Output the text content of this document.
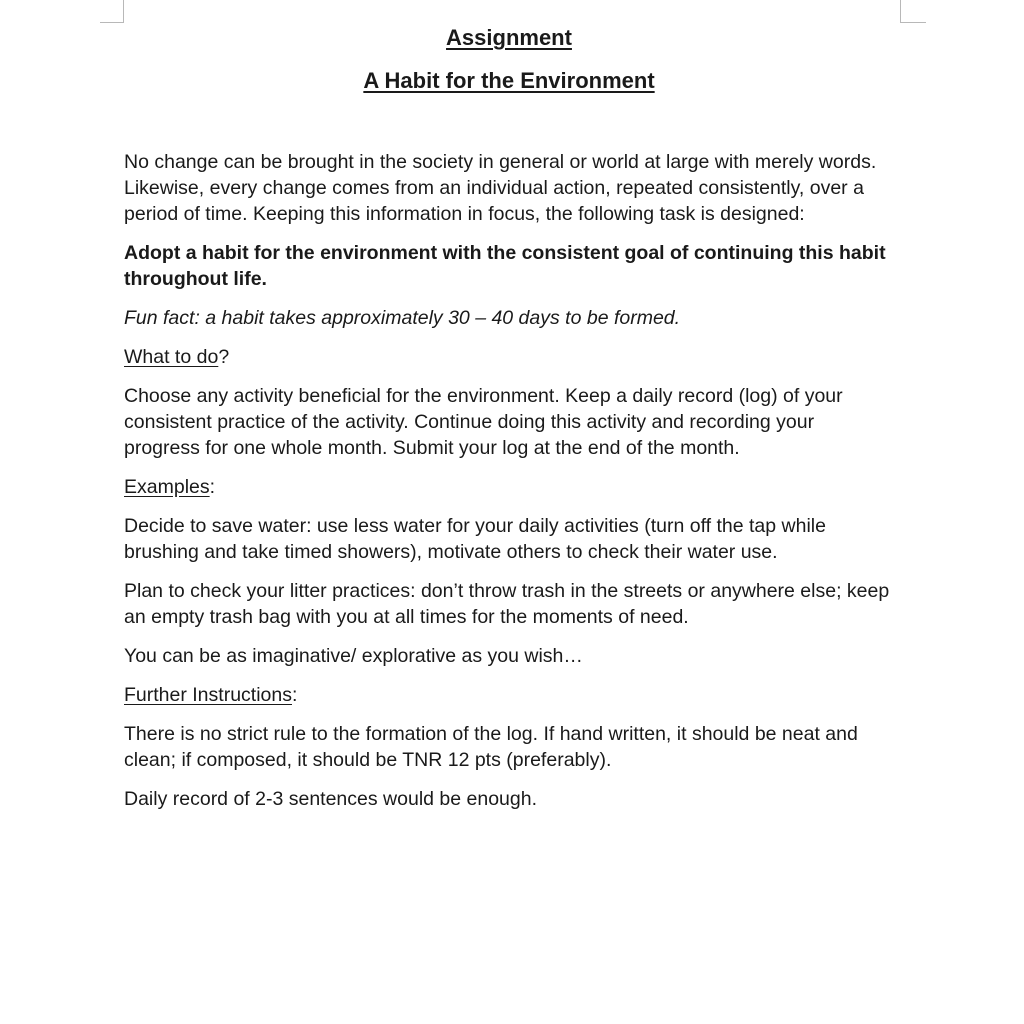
Assignment
A Habit for the Environment

No change can be brought in the society in general or world at large with merely words. Likewise, every change comes from an individual action, repeated consistently, over a period of time. Keeping this information in focus, the following task is designed:

Adopt a habit for the environment with the consistent goal of continuing this habit throughout life.

Fun fact: a habit takes approximately 30 – 40 days to be formed.

What to do?

Choose any activity beneficial for the environment. Keep a daily record (log) of your consistent practice of the activity. Continue doing this activity and recording your progress for one whole month. Submit your log at the end of the month.

Examples:

Decide to save water: use less water for your daily activities (turn off the tap while brushing and take timed showers), motivate others to check their water use.

Plan to check your litter practices: don’t throw trash in the streets or anywhere else; keep an empty trash bag with you at all times for the moments of need.

You can be as imaginative/ explorative as you wish…

Further Instructions:

There is no strict rule to the formation of the log. If hand written, it should be neat and clean; if composed, it should be TNR 12 pts (preferably).

Daily record of 2-3 sentences would be enough.
